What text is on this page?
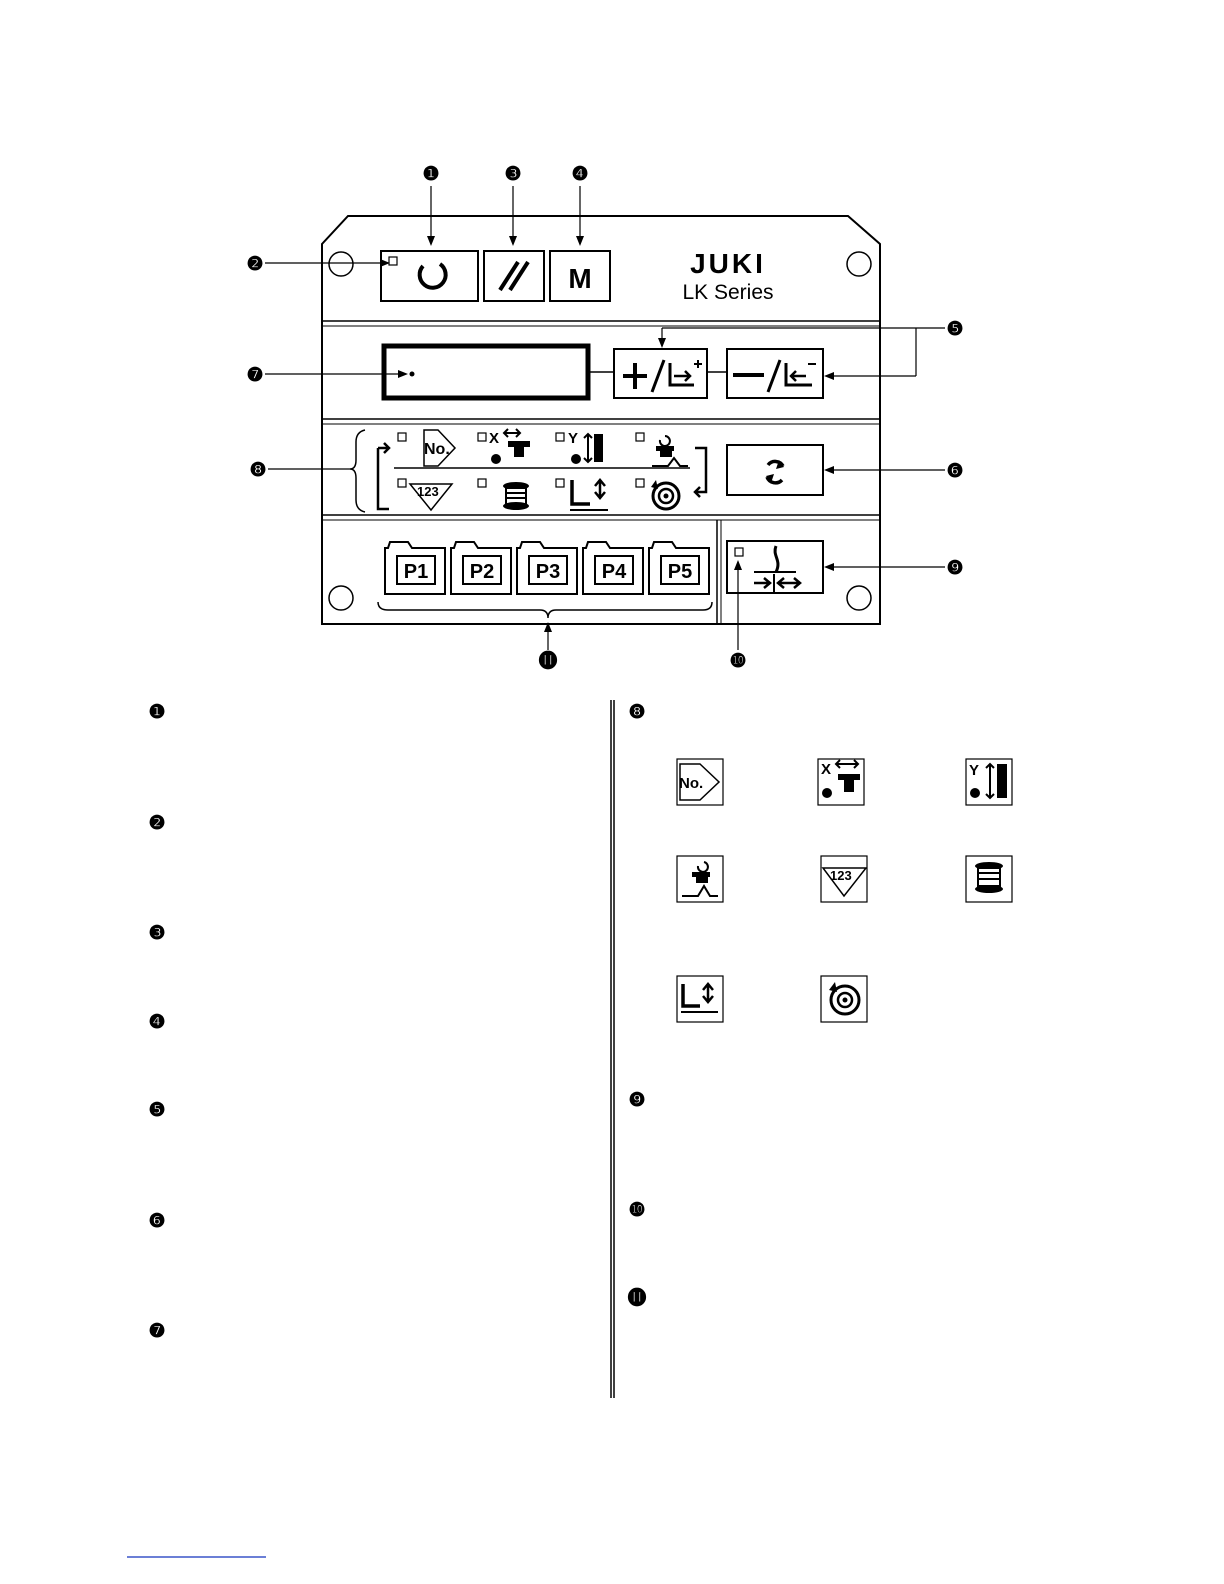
M	JUKI
LK Series
No.
X	Y
123
P1 P2 P3 P4 P5
❶
❷
❸	❹
❺
❻
❼
❽
❾
❿
⓫
❶
❷
❸
❹
❺
❻
❼
❽
❾
❿
⓫
No.
X	Y
123
